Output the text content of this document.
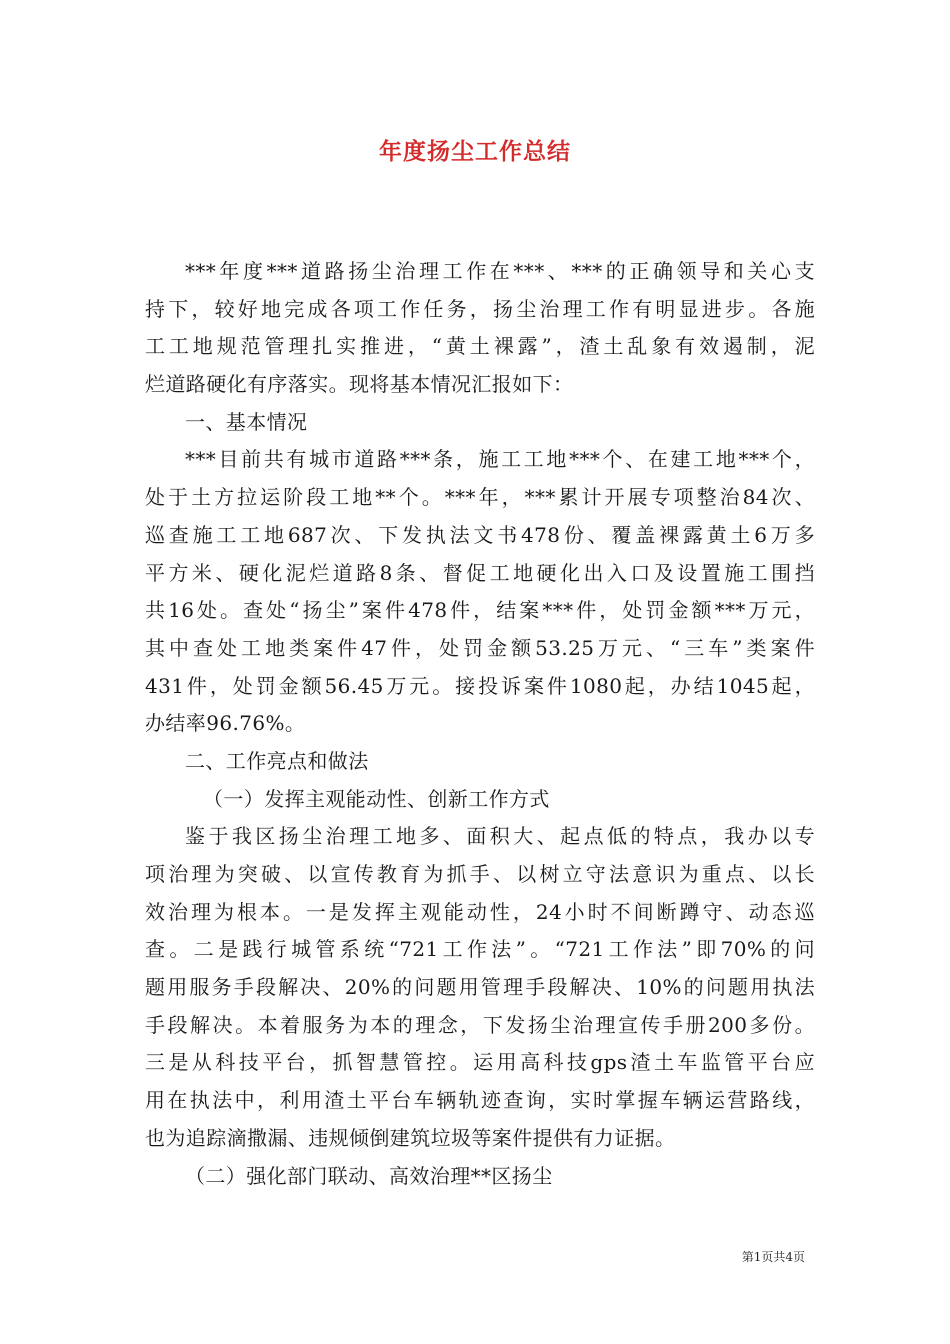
年度扬尘工作总结
***年度***道路扬尘治理工作在***、***的正确领导和关心支
持下，较好地完成各项工作任务，扬尘治理工作有明显进步。各施
工工地规范管理扎实推进，“黄土裸露”，渣土乱象有效遏制，泥
烂道路硬化有序落实。现将基本情况汇报如下：
一、基本情况
***目前共有城市道路***条，施工工地***个、在建工地***个，
处于土方拉运阶段工地**个。***年，***累计开展专项整治84次、
巡查施工工地687次、下发执法文书478份、覆盖裸露黄土6万多
平方米、硬化泥烂道路8条、督促工地硬化出入口及设置施工围挡
共16处。查处“扬尘”案件478件，结案***件，处罚金额***万元，
其中查处工地类案件47件，处罚金额53.25万元、“三车”类案件
431件，处罚金额56.45万元。接投诉案件1080起，办结1045起，
办结率96.76%。
二、工作亮点和做法
（一）发挥主观能动性、创新工作方式
鉴于我区扬尘治理工地多、面积大、起点低的特点，我办以专
项治理为突破、以宣传教育为抓手、以树立守法意识为重点、以长
效治理为根本。一是发挥主观能动性，24小时不间断蹲守、动态巡
查。二是践行城管系统“721工作法”。“721工作法”即70%的问
题用服务手段解决、20%的问题用管理手段解决、10%的问题用执法
手段解决。本着服务为本的理念，下发扬尘治理宣传手册200多份。
三是从科技平台，抓智慧管控。运用高科技gps渣土车监管平台应
用在执法中，利用渣土平台车辆轨迹查询，实时掌握车辆运营路线，
也为追踪滴撒漏、违规倾倒建筑垃圾等案件提供有力证据。
（二）强化部门联动、高效治理**区扬尘
第1页共4页
